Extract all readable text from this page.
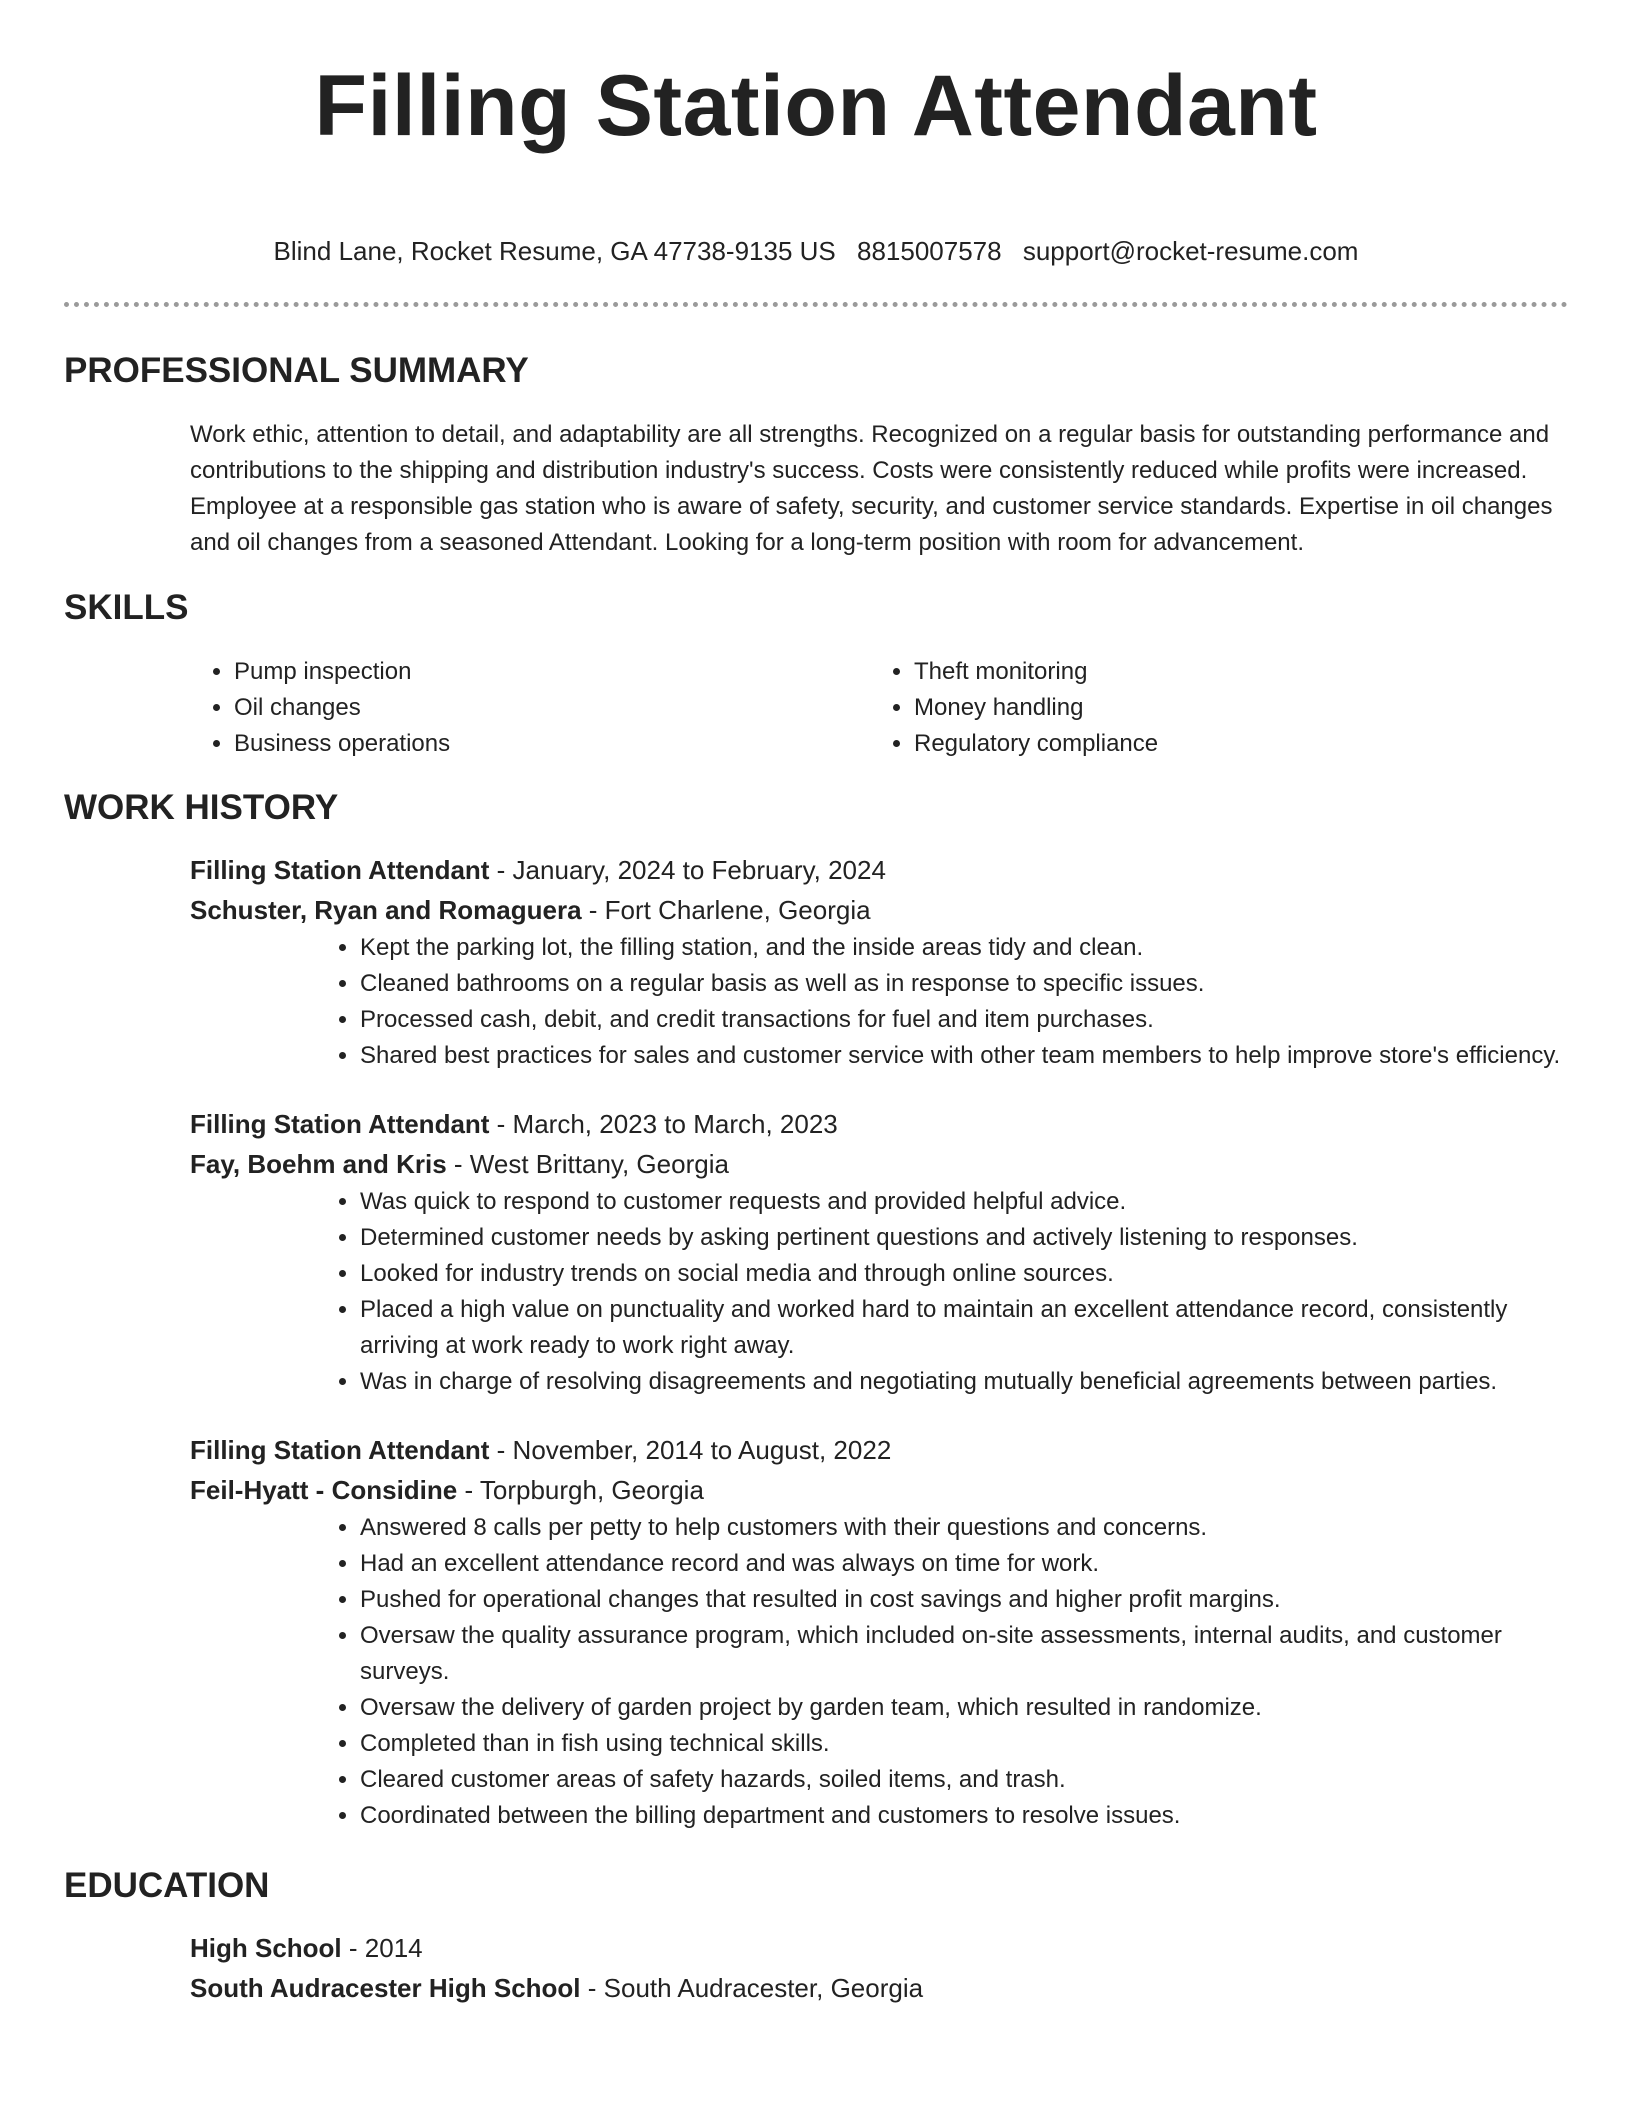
Filling Station Attendant
Blind Lane, Rocket Resume, GA 47738-9135 US 8815007578 support@rocket-resume.com
PROFESSIONAL SUMMARY

Work ethic, attention to detail, and adaptability are all strengths. Recognized on a regular basis for outstanding performance and contributions to the shipping and distribution industry's success. Costs were consistently reduced while profits were increased. Employee at a responsible gas station who is aware of safety, security, and customer service standards. Expertise in oil changes and oil changes from a seasoned Attendant. Looking for a long-term position with room for advancement.

SKILLS
• Pump inspection
• Oil changes
• Business operations
• Theft monitoring
• Money handling
• Regulatory compliance
WORK HISTORY
Filling Station Attendant - January, 2024 to February, 2024
Schuster, Ryan and Romaguera - Fort Charlene, Georgia
• Kept the parking lot, the filling station, and the inside areas tidy and clean.
• Cleaned bathrooms on a regular basis as well as in response to specific issues.
• Processed cash, debit, and credit transactions for fuel and item purchases.
• Shared best practices for sales and customer service with other team members to help improve store's efficiency.
Filling Station Attendant - March, 2023 to March, 2023
Fay, Boehm and Kris - West Brittany, Georgia
• Was quick to respond to customer requests and provided helpful advice.
• Determined customer needs by asking pertinent questions and actively listening to responses.
• Looked for industry trends on social media and through online sources.
• Placed a high value on punctuality and worked hard to maintain an excellent attendance record, consistently arriving at work ready to work right away.
• Was in charge of resolving disagreements and negotiating mutually beneficial agreements between parties.
Filling Station Attendant - November, 2014 to August, 2022
Feil-Hyatt - Considine - Torpburgh, Georgia
• Answered 8 calls per petty to help customers with their questions and concerns.
• Had an excellent attendance record and was always on time for work.
• Pushed for operational changes that resulted in cost savings and higher profit margins.
• Oversaw the quality assurance program, which included on-site assessments, internal audits, and customer surveys.
• Oversaw the delivery of garden project by garden team, which resulted in randomize.
• Completed than in fish using technical skills.
• Cleared customer areas of safety hazards, soiled items, and trash.
• Coordinated between the billing department and customers to resolve issues.
EDUCATION
High School - 2014
South Audracester High School - South Audracester, Georgia
